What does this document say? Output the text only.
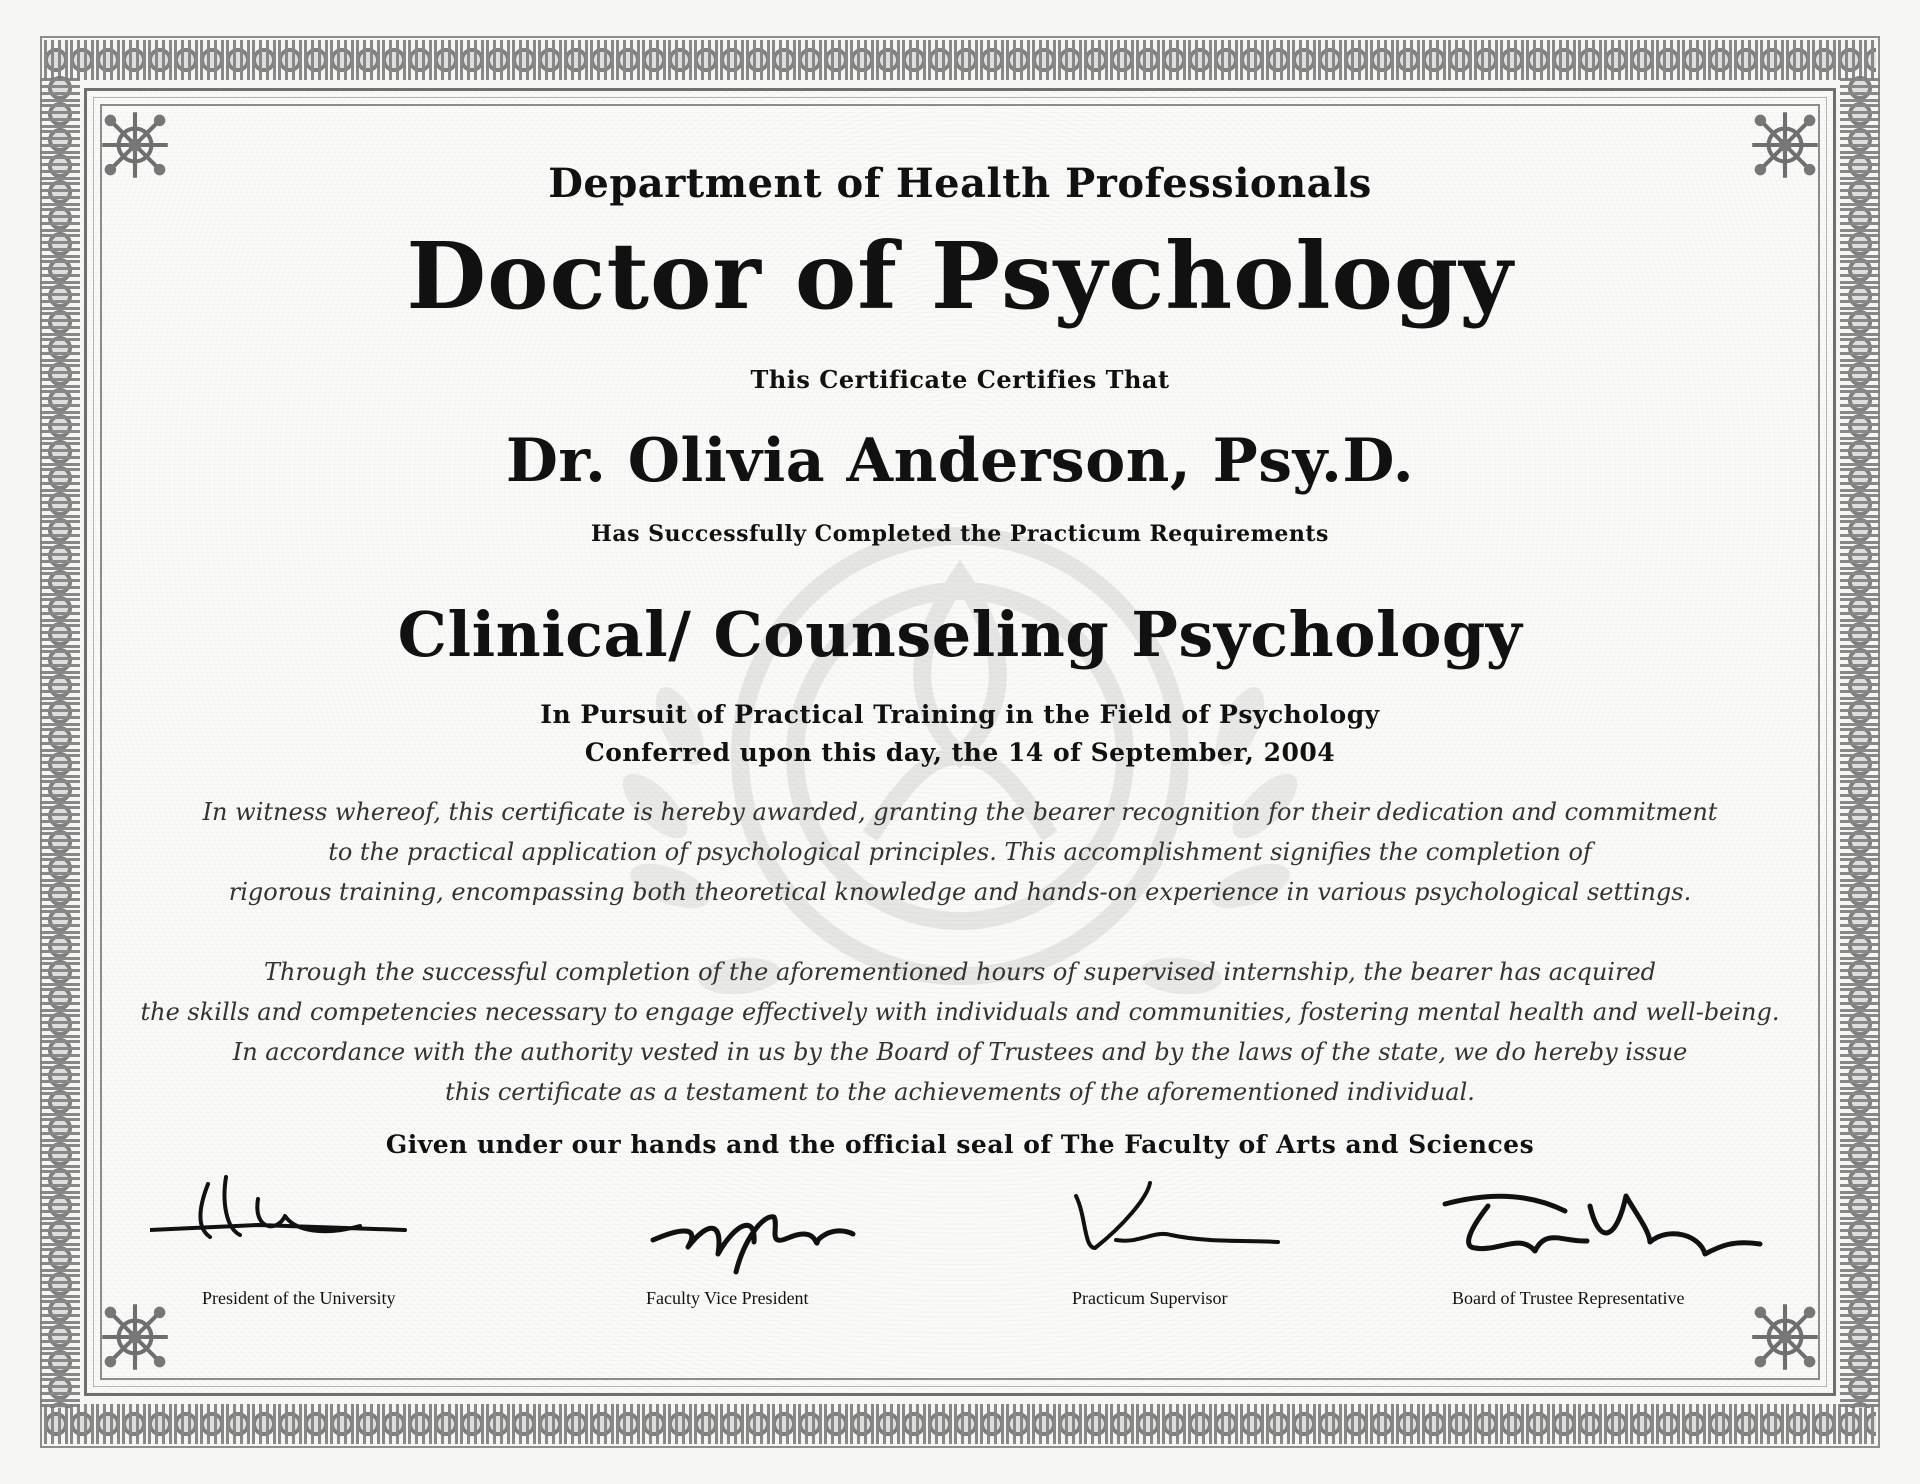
Department of Health Professionals
Doctor of Psychology
This Certificate Certifies That
Dr. Olivia Anderson, Psy.D.
Has Successfully Completed the Practicum Requirements
Clinical/ Counseling Psychology
In Pursuit of Practical Training in the Field of Psychology
Conferred upon this day, the 14 of September, 2004
In witness whereof, this certificate is hereby awarded, granting the bearer recognition for their dedication and commitment
to the practical application of psychological principles. This accomplishment signifies the completion of
rigorous training, encompassing both theoretical knowledge and hands-on experience in various psychological settings.
Through the successful completion of the aforementioned hours of supervised internship, the bearer has acquired
the skills and competencies necessary to engage effectively with individuals and communities, fostering mental health and well-being.
In accordance with the authority vested in us by the Board of Trustees and by the laws of the state, we do hereby issue
this certificate as a testament to the achievements of the aforementioned individual.
Given under our hands and the official seal of The Faculty of Arts and Sciences
President of the University	Faculty Vice President	Practicum Supervisor	Board of Trustee Representative
